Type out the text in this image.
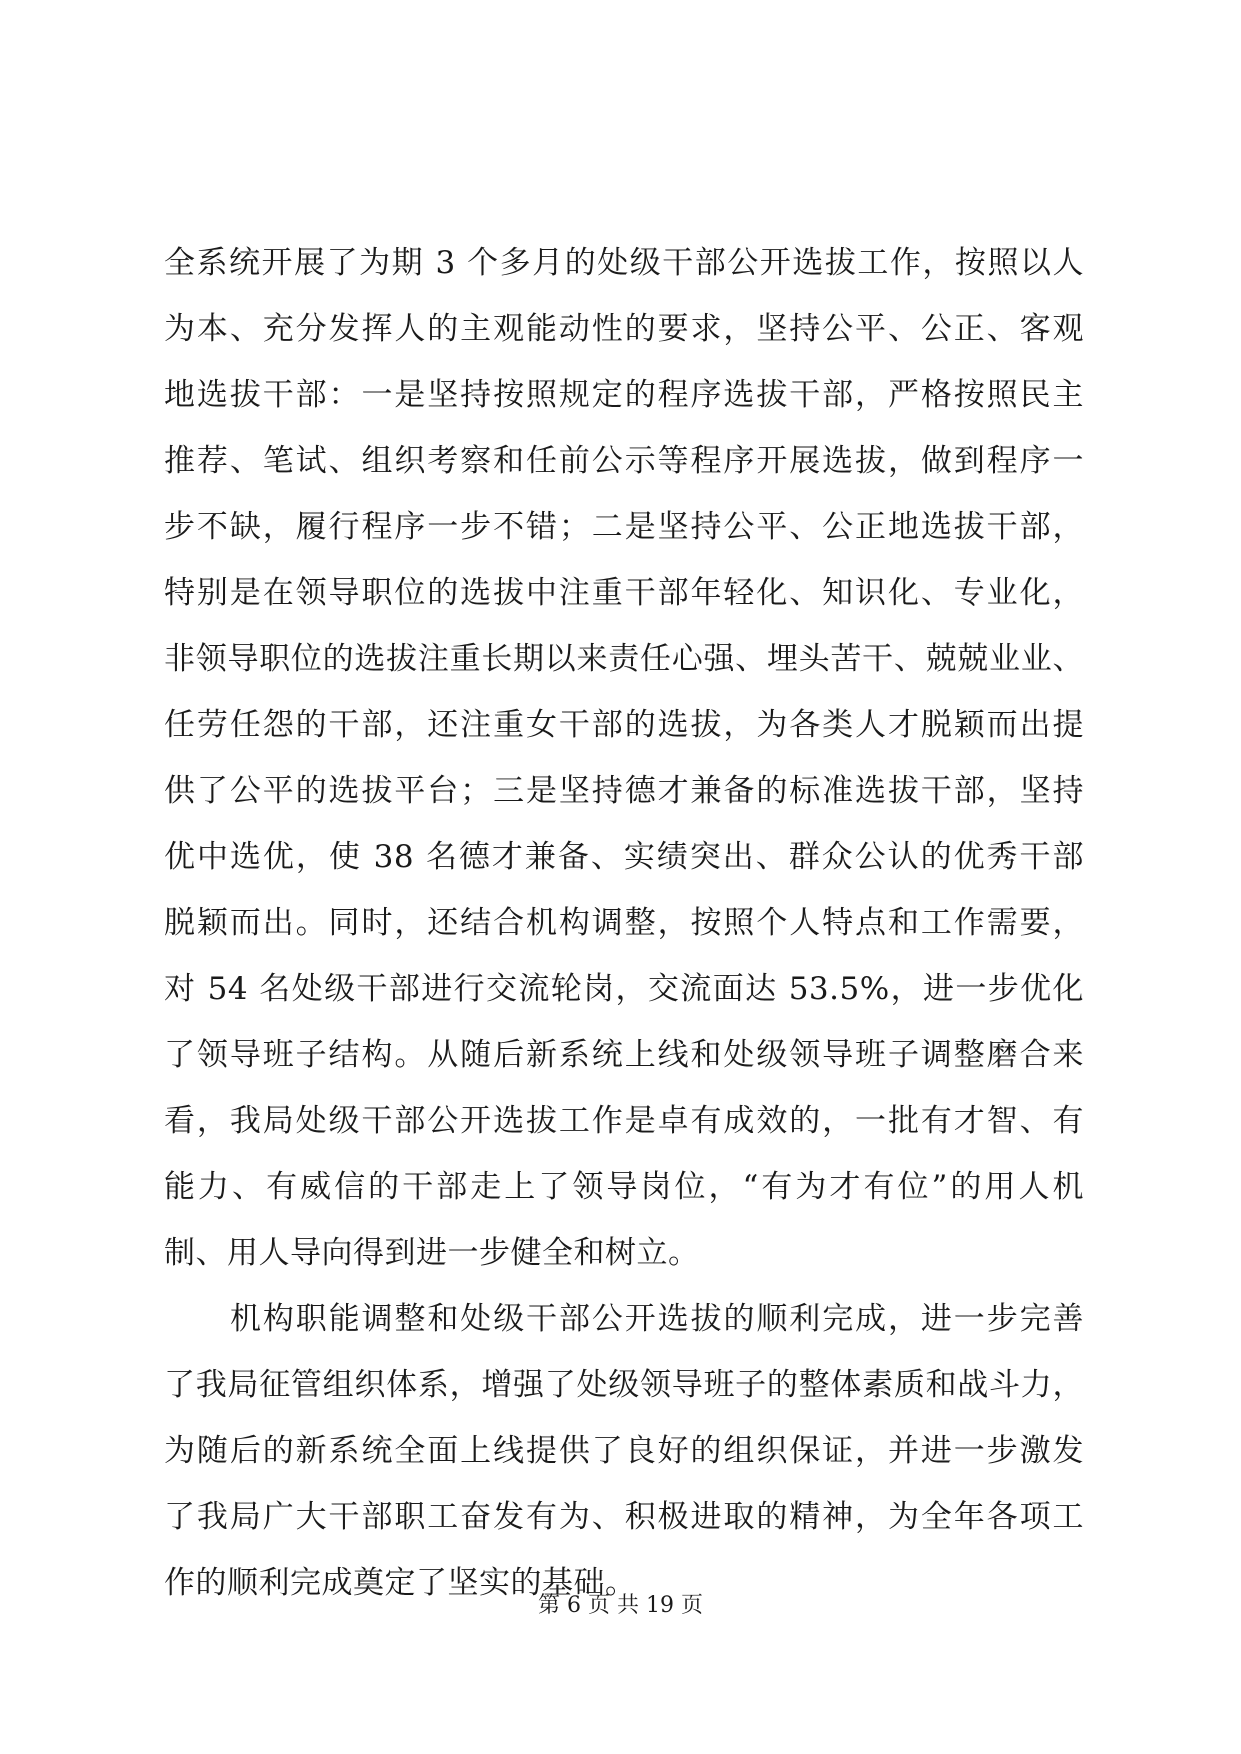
全系统开展了为期 3 个多月的处级干部公开选拔工作，按照以人
为本、充分发挥人的主观能动性的要求，坚持公平、公正、客观
地选拔干部：一是坚持按照规定的程序选拔干部，严格按照民主
推荐、笔试、组织考察和任前公示等程序开展选拔，做到程序一
步不缺，履行程序一步不错；二是坚持公平、公正地选拔干部，
特别是在领导职位的选拔中注重干部年轻化、知识化、专业化，
非领导职位的选拔注重长期以来责任心强、埋头苦干、兢兢业业、
任劳任怨的干部，还注重女干部的选拔，为各类人才脱颖而出提
供了公平的选拔平台；三是坚持德才兼备的标准选拔干部，坚持
优中选优，使 38 名德才兼备、实绩突出、群众公认的优秀干部
脱颖而出。同时，还结合机构调整，按照个人特点和工作需要，
对 54 名处级干部进行交流轮岗，交流面达 53.5%，进一步优化
了领导班子结构。从随后新系统上线和处级领导班子调整磨合来
看，我局处级干部公开选拔工作是卓有成效的，一批有才智、有
能力、有威信的干部走上了领导岗位，“有为才有位”的用人机
制、用人导向得到进一步健全和树立。
机构职能调整和处级干部公开选拔的顺利完成，进一步完善
了我局征管组织体系，增强了处级领导班子的整体素质和战斗力，
为随后的新系统全面上线提供了良好的组织保证，并进一步激发
了我局广大干部职工奋发有为、积极进取的精神，为全年各项工
作的顺利完成奠定了坚实的基础。
第 6 页 共 19 页
